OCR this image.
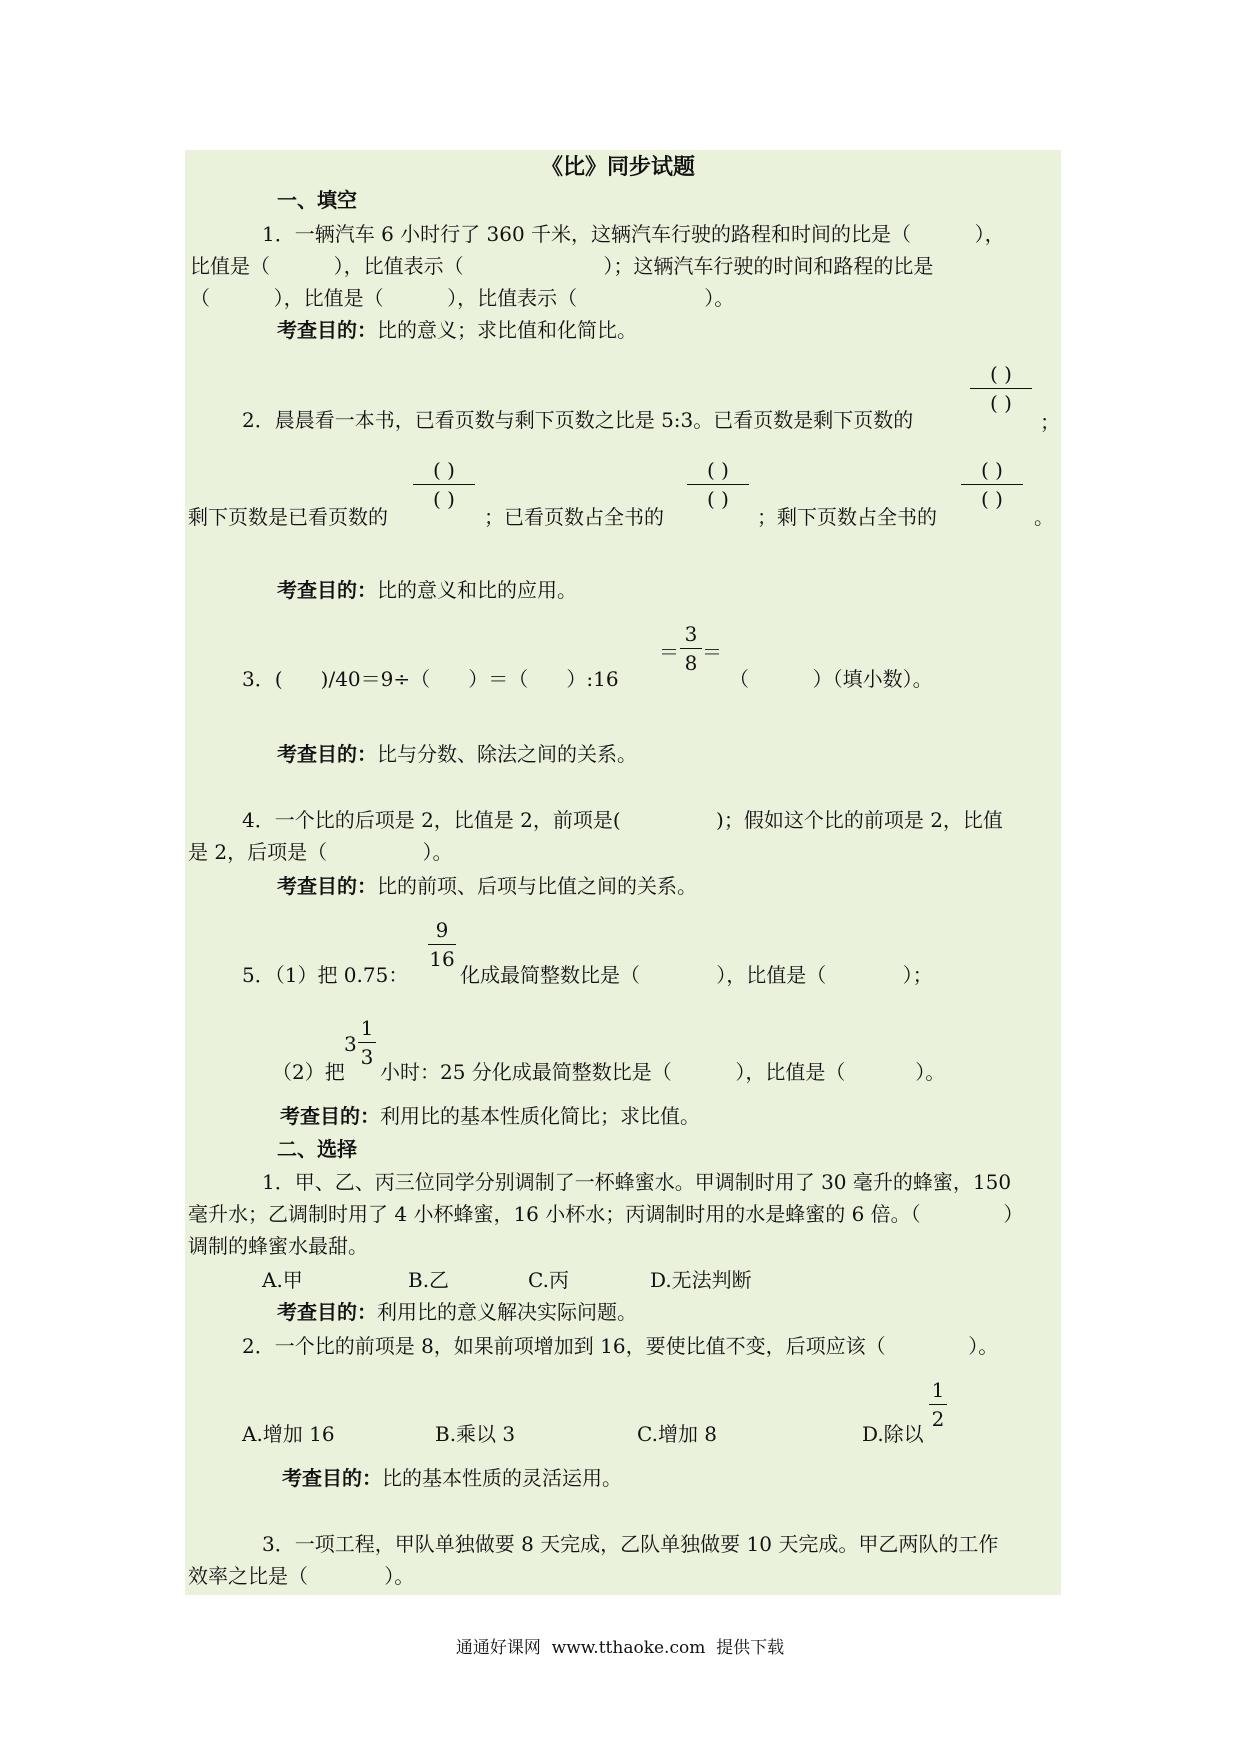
《比》同步试题
一、填空
1．一辆汽车 6 小时行了 360 千米，这辆汽车行驶的路程和时间的比是（          ），
比值是（          ），比值表示（                      ）；这辆汽车行驶的时间和路程的比是
（          ），比值是（          ），比值表示（                    ）。
考查目的：比的意义；求比值和化简比。
( )
( )
2．晨晨看一本书，已看页数与剩下页数之比是 5:3。已看页数是剩下页数的	；
剩下页数是已看页数的
( )
( )
；已看页数占全书的
( )
( )
；剩下页数占全书的
( )
( )
。
考查目的：比的意义和比的应用。
3．(      )/40＝9÷（      ）＝（      ）:16
＝
3
8 ＝
（          ）（填小数）。
考查目的：比与分数、除法之间的关系。
4．一个比的后项是 2，比值是 2，前项是(               )；假如这个比的前项是 2，比值
是 2，后项是（               ）。
考查目的：比的前项、后项与比值之间的关系。
5．（1）把 0.75：
9
16
化成最简整数比是（            ），比值是（            ）；
（2）把
3
1
3
小时：25 分化成最简整数比是（          ），比值是（           ）。
考查目的：利用比的基本性质化简比；求比值。
二、选择
1．甲、乙、丙三位同学分别调制了一杯蜂蜜水。甲调制时用了 30 毫升的蜂蜜，150
毫升水；乙调制时用了 4 小杯蜂蜜，16 小杯水；丙调制时用的水是蜂蜜的 6 倍。（             ）
调制的蜂蜜水最甜。
A.甲	B.乙	C.丙	D.无法判断
考查目的：利用比的意义解决实际问题。
2．一个比的前项是 8，如果前项增加到 16，要使比值不变，后项应该（             ）。
A.增加 16	B.乘以 3	C.增加 8	D.除以
1
2
考查目的：比的基本性质的灵活运用。
3．一项工程，甲队单独做要 8 天完成，乙队单独做要 10 天完成。甲乙两队的工作
效率之比是（            ）。
通通好课网  www.tthaoke.com  提供下载
